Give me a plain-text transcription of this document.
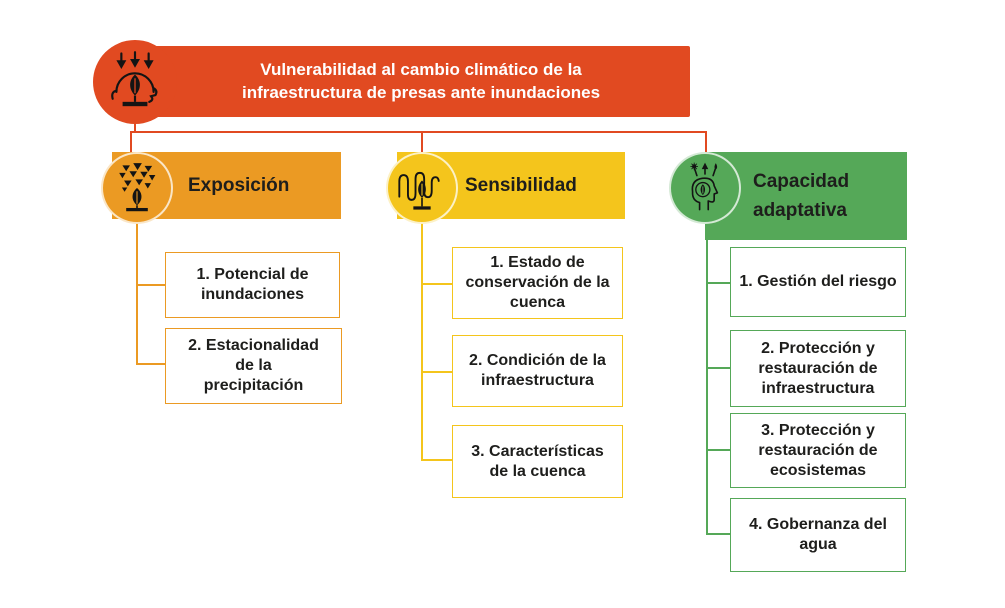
Vulnerabilidad al cambio climático de la infraestructura de presas ante inundaciones
Exposición
1. Potencial de inundaciones
2. Estacionalidad de la precipitación
Sensibilidad
1. Estado de conservación de la cuenca
2. Condición de la infraestructura
3. Características de la cuenca
Capacidad adaptativa
1. Gestión del riesgo
2. Protección y restauración de infraestructura
3. Protección y restauración de ecosistemas
4. Gobernanza del agua
